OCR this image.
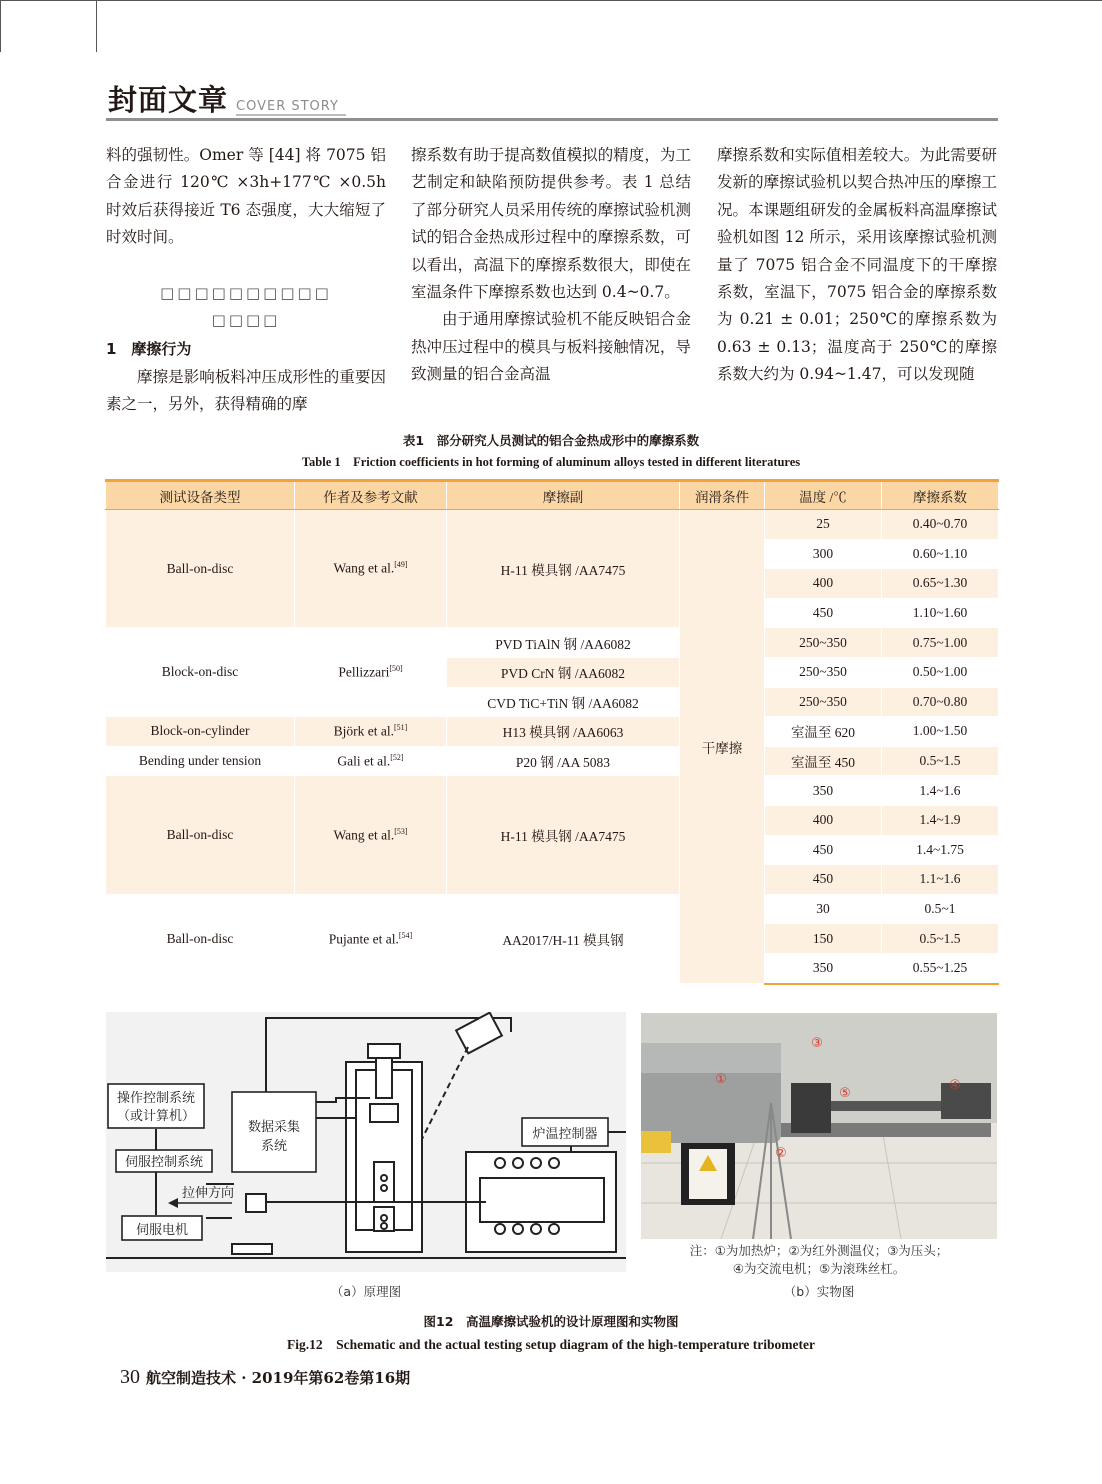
封面文章 COVER STORY

料的强韧性。Omer 等 [44] 将 7075 铝合金进行 120℃ ×3h+177℃ ×0.5h 时效后获得接近 T6 态强度，大大缩短了时效时间。

□□□□□□□□□□

□□□□

1　摩擦行为

摩擦是影响板料冲压成形性的重要因素之一，另外，获得精确的摩

擦系数有助于提高数值模拟的精度，为工艺制定和缺陷预防提供参考。表 1 总结了部分研究人员采用传统的摩擦试验机测试的铝合金热成形过程中的摩擦系数，可以看出，高温下的摩擦系数很大，即使在室温条件下摩擦系数也达到 0.4~0.7。

由于通用摩擦试验机不能反映铝合金热冲压过程中的模具与板料接触情况，导致测量的铝合金高温

摩擦系数和实际值相差较大。为此需要研发新的摩擦试验机以契合热冲压的摩擦工况。本课题组研发的金属板料高温摩擦试验机如图 12 所示，采用该摩擦试验机测量了 7075 铝合金不同温度下的干摩擦系数，室温下，7075 铝合金的摩擦系数为 0.21 ± 0.01；250℃的摩擦系数为 0.63 ± 0.13；温度高于 250℃的摩擦系数大约为 0.94~1.47，可以发现随

表1　部分研究人员测试的铝合金热成形中的摩擦系数
Table 1　Friction coefficients in hot forming of aluminum alloys tested in different literatures
测试设备类型	作者及参考文献	摩擦副	润滑条件	温度 /℃	摩擦系数
Ball-on-disc	Wang et al.[49]	H-11 模具钢 /AA7475	干摩擦	25	0.40~0.70
				300	0.60~1.10
				400	0.65~1.30
				450	1.10~1.60
Block-on-disc	Pellizzari[50]	PVD TiAlN 钢 /AA6082		250~350	0.75~1.00
		PVD CrN 钢 /AA6082		250~350	0.50~1.00
		CVD TiC+TiN 钢 /AA6082		250~350	0.70~0.80
Block-on-cylinder	Björk et al.[51]	H13 模具钢 /AA6063		室温至 620	1.00~1.50
Bending under tension	Gali et al.[52]	P20 钢 /AA 5083		室温至 450	0.5~1.5
Ball-on-disc	Wang et al.[53]	H-11 模具钢 /AA7475		350	1.4~1.6
				400	1.4~1.9
				450	1.4~1.75
				450	1.1~1.6
Ball-on-disc	Pujante et al.[54]	AA2017/H-11 模具钢		30	0.5~1
				150	0.5~1.5
				350	0.55~1.25
操作控制系统
（或计算机）
伺服控制系统
拉伸方向
伺服电机
数据采集
系统
炉温控制器
①
②
③
④
⑤
注：①为加热炉；②为红外测温仪；③为压头；
④为交流电机；⑤为滚珠丝杠。
（a）原理图	（b）实物图
图12　高温摩擦试验机的设计原理图和实物图
Fig.12　Schematic and the actual testing setup diagram of the high-temperature tribometer
30 航空制造技术 · 2019年第62卷第16期
